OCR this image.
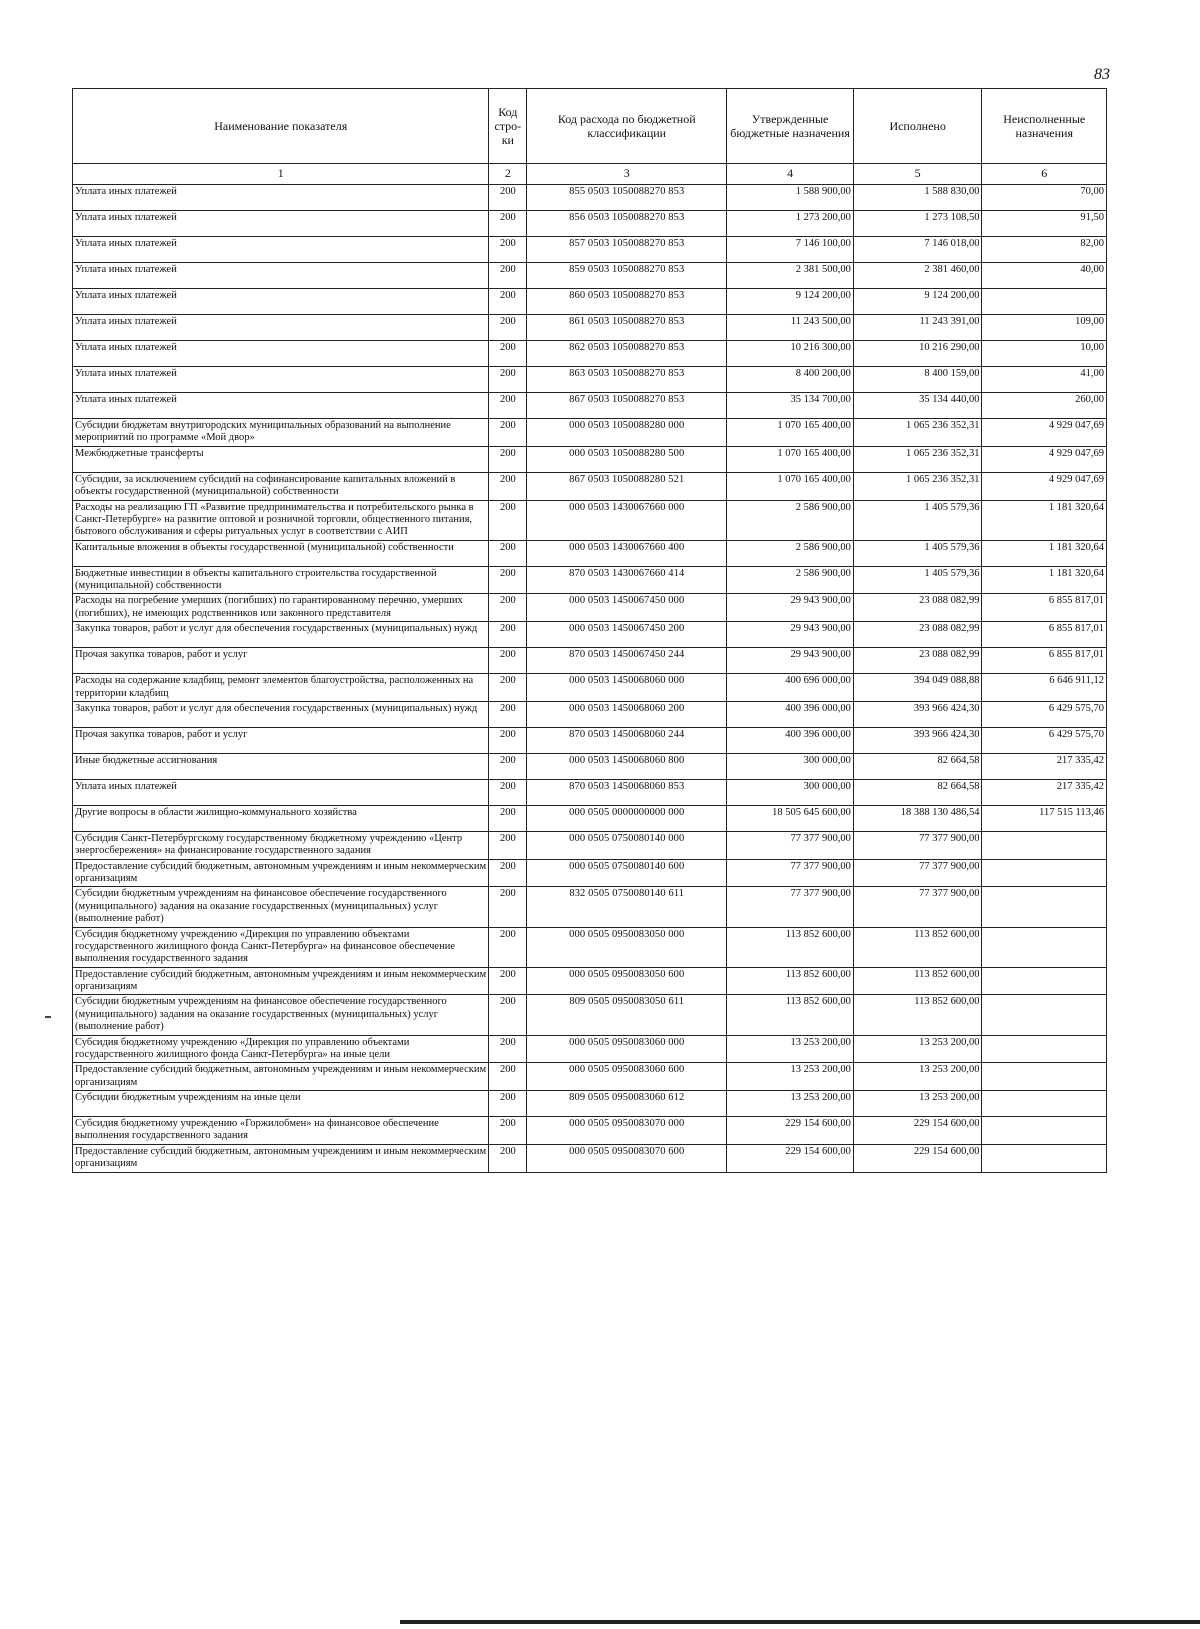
83
Наименование показателя	Код стро- ки	Код расхода по бюджетной классификации	Утвержденные бюджетные назначения	Исполнено	Неисполненные назначения
1	2	3	4	5	6
Уплата иных платежей	200	855 0503 1050088270 853	1 588 900,00	1 588 830,00	70,00
Уплата иных платежей	200	856 0503 1050088270 853	1 273 200,00	1 273 108,50	91,50
Уплата иных платежей	200	857 0503 1050088270 853	7 146 100,00	7 146 018,00	82,00
Уплата иных платежей	200	859 0503 1050088270 853	2 381 500,00	2 381 460,00	40,00
Уплата иных платежей	200	860 0503 1050088270 853	9 124 200,00	9 124 200,00	
Уплата иных платежей	200	861 0503 1050088270 853	11 243 500,00	11 243 391,00	109,00
Уплата иных платежей	200	862 0503 1050088270 853	10 216 300,00	10 216 290,00	10,00
Уплата иных платежей	200	863 0503 1050088270 853	8 400 200,00	8 400 159,00	41,00
Уплата иных платежей	200	867 0503 1050088270 853	35 134 700,00	35 134 440,00	260,00
Субсидии бюджетам внутригородских муниципальных образований на выполнение мероприятий по программе «Мой двор»	200	000 0503 1050088280 000	1 070 165 400,00	1 065 236 352,31	4 929 047,69
Межбюджетные трансферты	200	000 0503 1050088280 500	1 070 165 400,00	1 065 236 352,31	4 929 047,69
Субсидии, за исключением субсидий на софинансирование капитальных вложений в объекты государственной (муниципальной) собственности	200	867 0503 1050088280 521	1 070 165 400,00	1 065 236 352,31	4 929 047,69
Расходы на реализацию ГП «Развитие предпринимательства и потребительского рынка в Санкт-Петербурге» на развитие оптовой и розничной торговли, общественного питания, бытового обслуживания и сферы ритуальных услуг в соответствии с АИП	200	000 0503 1430067660 000	2 586 900,00	1 405 579,36	1 181 320,64
Капитальные вложения в объекты государственной (муниципальной) собственности	200	000 0503 1430067660 400	2 586 900,00	1 405 579,36	1 181 320,64
Бюджетные инвестиции в объекты капитального строительства государственной (муниципальной) собственности	200	870 0503 1430067660 414	2 586 900,00	1 405 579,36	1 181 320,64
Расходы на погребение умерших (погибших) по гарантированному перечню, умерших (погибших), не имеющих родственников или законного представителя	200	000 0503 1450067450 000	29 943 900,00	23 088 082,99	6 855 817,01
Закупка товаров, работ и услуг для обеспечения государственных (муниципальных) нужд	200	000 0503 1450067450 200	29 943 900,00	23 088 082,99	6 855 817,01
Прочая закупка товаров, работ и услуг	200	870 0503 1450067450 244	29 943 900,00	23 088 082,99	6 855 817,01
Расходы на содержание кладбищ, ремонт элементов благоустройства, расположенных на территории кладбищ	200	000 0503 1450068060 000	400 696 000,00	394 049 088,88	6 646 911,12
Закупка товаров, работ и услуг для обеспечения государственных (муниципальных) нужд	200	000 0503 1450068060 200	400 396 000,00	393 966 424,30	6 429 575,70
Прочая закупка товаров, работ и услуг	200	870 0503 1450068060 244	400 396 000,00	393 966 424,30	6 429 575,70
Иные бюджетные ассигнования	200	000 0503 1450068060 800	300 000,00	82 664,58	217 335,42
Уплата иных платежей	200	870 0503 1450068060 853	300 000,00	82 664,58	217 335,42
Другие вопросы в области жилищно-коммунального хозяйства	200	000 0505 0000000000 000	18 505 645 600,00	18 388 130 486,54	117 515 113,46
Субсидия Санкт-Петербургскому государственному бюджетному учреждению «Центр энергосбережения» на финансирование государственного задания	200	000 0505 0750080140 000	77 377 900,00	77 377 900,00	
Предоставление субсидий бюджетным, автономным учреждениям и иным некоммерческим организациям	200	000 0505 0750080140 600	77 377 900,00	77 377 900,00	
Субсидии бюджетным учреждениям на финансовое обеспечение государственного (муниципального) задания на оказание государственных (муниципальных) услуг (выполнение работ)	200	832 0505 0750080140 611	77 377 900,00	77 377 900,00	
Субсидия бюджетному учреждению «Дирекция по управлению объектами государственного жилищного фонда Санкт-Петербурга» на финансовое обеспечение выполнения государственного задания	200	000 0505 0950083050 000	113 852 600,00	113 852 600,00	
Предоставление субсидий бюджетным, автономным учреждениям и иным некоммерческим организациям	200	000 0505 0950083050 600	113 852 600,00	113 852 600,00	
Субсидии бюджетным учреждениям на финансовое обеспечение государственного (муниципального) задания на оказание государственных (муниципальных) услуг (выполнение работ)	200	809 0505 0950083050 611	113 852 600,00	113 852 600,00	
Субсидия бюджетному учреждению «Дирекция по управлению объектами государственного жилищного фонда Санкт-Петербурга» на иные цели	200	000 0505 0950083060 000	13 253 200,00	13 253 200,00	
Предоставление субсидий бюджетным, автономным учреждениям и иным некоммерческим организациям	200	000 0505 0950083060 600	13 253 200,00	13 253 200,00	
Субсидии бюджетным учреждениям на иные цели	200	809 0505 0950083060 612	13 253 200,00	13 253 200,00	
Субсидия бюджетному учреждению «Горжилобмен» на финансовое обеспечение выполнения государственного задания	200	000 0505 0950083070 000	229 154 600,00	229 154 600,00	
Предоставление субсидий бюджетным, автономным учреждениям и иным некоммерческим организациям	200	000 0505 0950083070 600	229 154 600,00	229 154 600,00	
